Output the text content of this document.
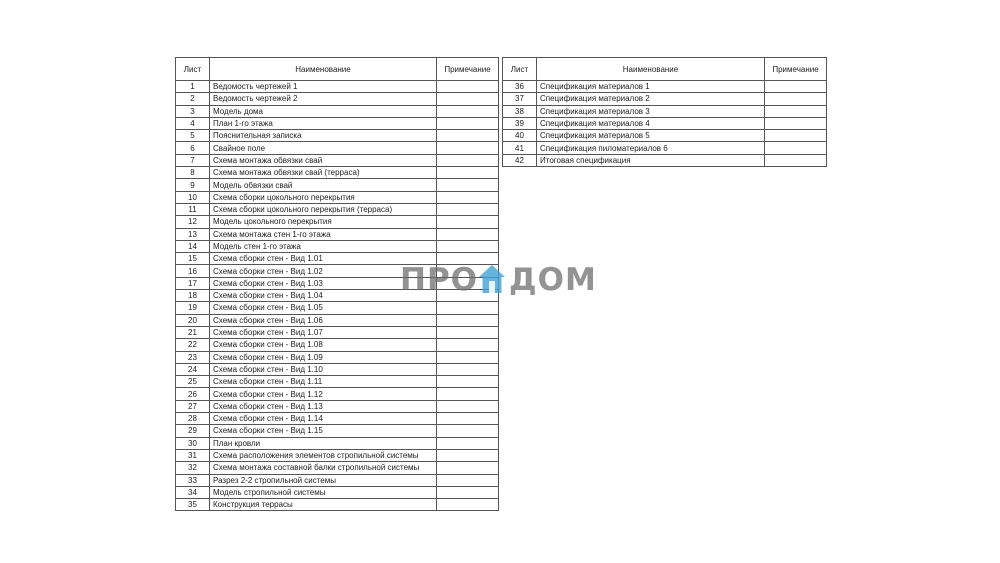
Лист	Наименование	Примечание
1	Ведомость чертежей 1	
2	Ведомость чертежей 2	
3	Модель дома	
4	План 1-го этажа	
5	Пояснительная записка	
6	Свайное поле	
7	Схема монтажа обвязки свай	
8	Схема монтажа обвязки свай (терраса)	
9	Модель обвязки свай	
10	Схема сборки цокольного перекрытия	
11	Схема сборки цокольного перекрытия (терраса)	
12	Модель цокольного перекрытия	
13	Схема монтажа стен 1-го этажа	
14	Модель стен 1-го этажа	
15	Схема сборки стен - Вид 1.01	
16	Схема сборки стен - Вид 1.02	
17	Схема сборки стен - Вид 1.03	
18	Схема сборки стен - Вид 1.04	
19	Схема сборки стен - Вид 1.05	
20	Схема сборки стен - Вид 1.06	
21	Схема сборки стен - Вид 1.07	
22	Схема сборки стен - Вид 1.08	
23	Схема сборки стен - Вид 1.09	
24	Схема сборки стен - Вид 1.10	
25	Схема сборки стен - Вид 1.11	
26	Схема сборки стен - Вид 1.12	
27	Схема сборки стен - Вид 1.13	
28	Схема сборки стен - Вид 1.14	
29	Схема сборки стен - Вид 1.15	
30	План кровли	
31	Схема расположения элементов стропильной системы	
32	Схема монтажа составной балки стропильной системы	
33	Разрез 2-2 стропильной системы	
34	Модель стропильной системы	
35	Конструкция террасы	
Лист	Наименование	Примечание
36	Спецификация материалов 1	
37	Спецификация материалов 2	
38	Спецификация материалов 3	
39	Спецификация материалов 4	
40	Спецификация материалов 5	
41	Спецификация пиломатериалов 6	
42	Итоговая спецификация	
ПРО ДОМ
